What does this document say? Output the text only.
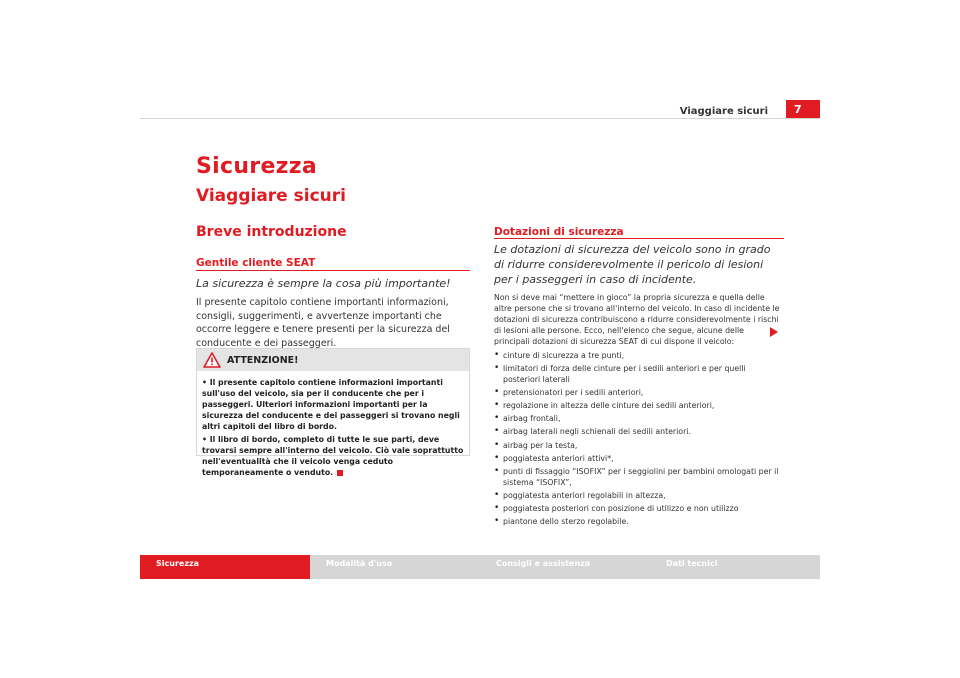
Viaggiare sicuri	7
Sicurezza
Viaggiare sicuri
Breve introduzione
Gentile cliente SEAT
La sicurezza è sempre la cosa più importante!
Il presente capitolo contiene importanti informazioni, consigli, suggerimenti, e avvertenze importanti che occorre leggere e tenere presenti per la sicurezza del conducente e dei passeggeri.
ATTENZIONE!

• Il presente capitolo contiene informazioni importanti sull'uso del veicolo, sia per il conducente che per i passeggeri. Ulteriori informazioni importanti per la sicurezza del conducente e dei passeggeri si trovano negli altri capitoli del libro di bordo.

• Il libro di bordo, completo di tutte le sue parti, deve trovarsi sempre all'interno del veicolo. Ciò vale soprattutto nell'eventualità che il veicolo venga ceduto temporaneamente o venduto.

Dotazioni di sicurezza
Le dotazioni di sicurezza del veicolo sono in grado di ridurre considerevolmente il pericolo di lesioni per i passeggeri in caso di incidente.
Non si deve mai “mettere in gioco” la propria sicurezza e quella delle altre persone che si trovano all'interno del veicolo. In caso di incidente le dotazioni di sicurezza contribuiscono a ridurre considerevolmente i rischi di lesioni alle persone. Ecco, nell'elenco che segue, alcune delle principali dotazioni di sicurezza SEAT di cui dispone il veicolo:
• cinture di sicurezza a tre punti,
• limitatori di forza delle cinture per i sedili anteriori e per quelli posteriori laterali
• pretensionatori per i sedili anteriori,
• regolazione in altezza delle cinture dei sedili anteriori,
• airbag frontali,
• airbag laterali negli schienali dei sedili anteriori.
• airbag per la testa,
• poggiatesta anteriori attivi*,
• punti di fissaggio “ISOFIX” per i seggiolini per bambini omologati per il sistema “ISOFIX”,
• poggiatesta anteriori regolabili in altezza,
• poggiatesta posteriori con posizione di utilizzo e non utilizzo
• piantone dello sterzo regolabile.
Sicurezza	Modalità d'uso	Consigli e assistenza	Dati tecnici
